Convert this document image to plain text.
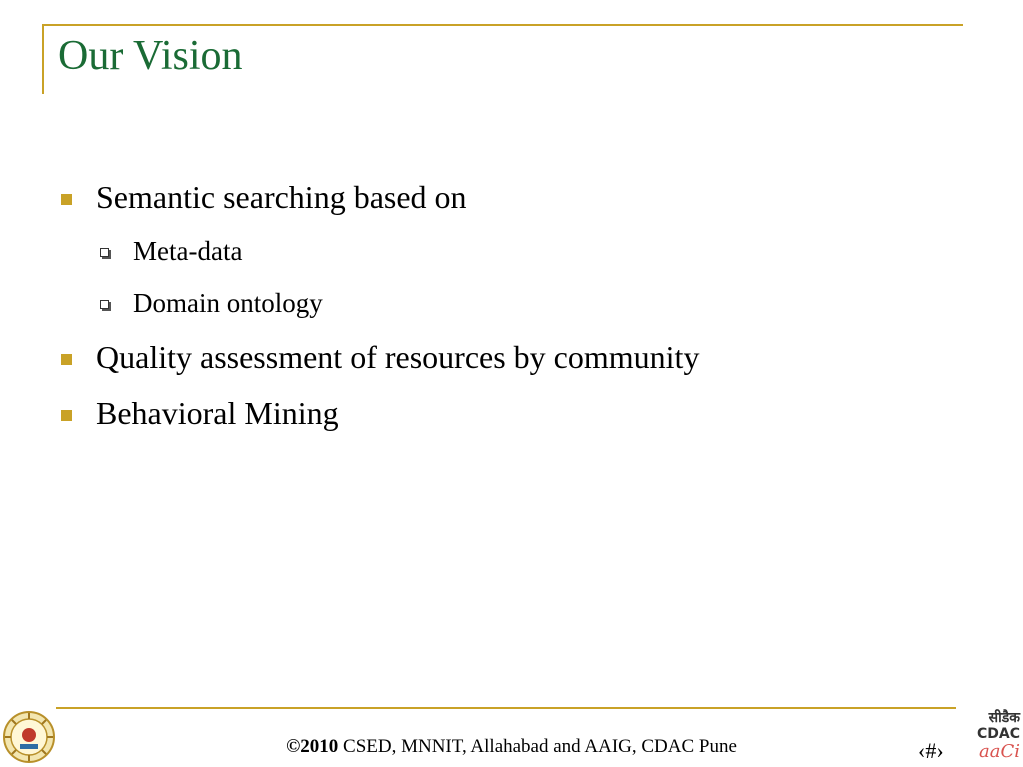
Our Vision
Semantic searching based on
Meta-data
Domain ontology
Quality assessment of resources by community
Behavioral Mining
©2010 CSED, MNNIT, Allahabad and AAIG, CDAC Pune	‹#›
सीडैक
CDAC
aaCi
